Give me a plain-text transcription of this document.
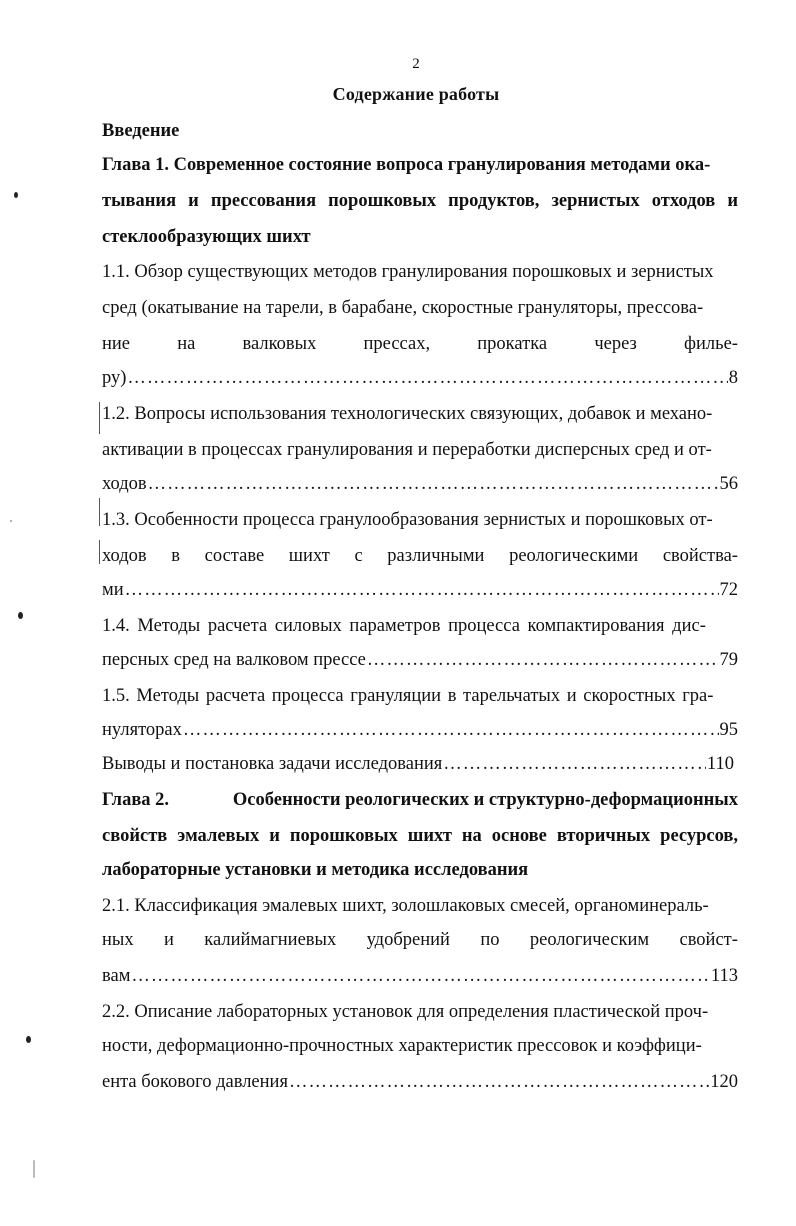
2
Содержание работы
Введение
Глава 1. Современное состояние вопроса гранулирования методами ока-
тывания и прессования порошковых продуктов, зернистых отходов и
стеклообразующих шихт
1.1. Обзор существующих методов гранулирования порошковых и зернистых
сред (окатывание на тарели, в барабане, скоростные грануляторы, прессова-
ние	на	валковых	прессах,	прокатка	через	филье-
ру) ……………………………………………………………………………………………………………………………………………………………………	8
1.2. Вопросы использования технологических связующих, добавок и механо-
активации в процессах гранулирования и переработки дисперсных сред и от-
ходов ……………………………………………………………………………………………………………………………………………………………………	56
1.3. Особенности процесса гранулообразования зернистых и порошковых от-
ходов в составе шихт с различными реологическими свойства-
ми ……………………………………………………………………………………………………………………………………………………………………	72
1.4. Методы расчета силовых параметров процесса компактирования дис-
персных сред на валковом прессе ……………………………………………………………………………………………………………………………………………………………………	79
1.5. Методы расчета процесса грануляции в тарельчатых и скоростных гра-
нуляторах ……………………………………………………………………………………………………………………………………………………………………	95
Выводы и постановка задачи исследования ……………………………………………………………………………………………………………………………………………………………………	110
Глава 2.	Особенности реологических и структурно-деформационных
свойств эмалевых и порошковых шихт на основе вторичных ресурсов,
лабораторные установки и методика исследования
2.1. Классификация эмалевых шихт, золошлаковых смесей, органоминераль-
ных и калиймагниевых удобрений по реологическим свойст-
вам ……………………………………………………………………………………………………………………………………………………………………	113
2.2. Описание лабораторных установок для определения пластической проч-
ности, деформационно-прочностных характеристик прессовок и коэффици-
ента бокового давления ……………………………………………………………………………………………………………………………………………………………………	120
